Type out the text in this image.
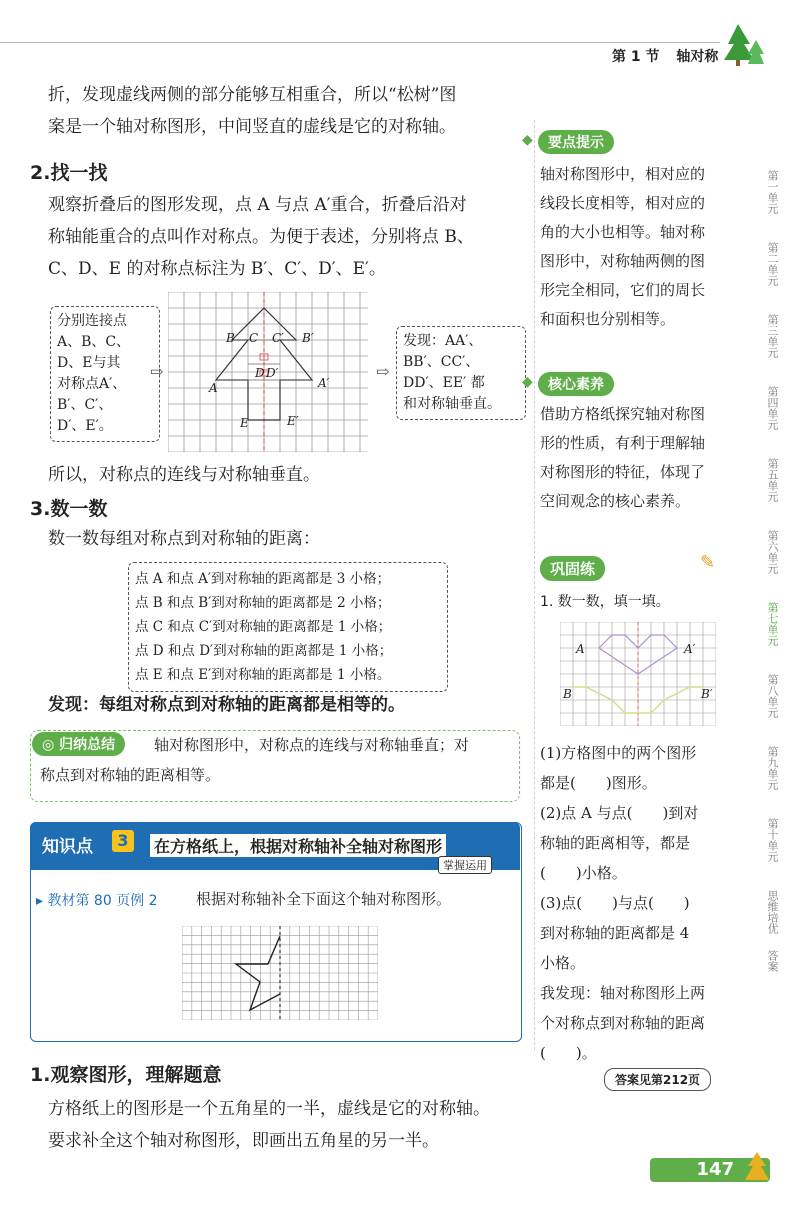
第 1 节 轴对称
折，发现虚线两侧的部分能够互相重合，所以“松树”图
案是一个轴对称图形，中间竖直的虚线是它的对称轴。
2.找一找
观察折叠后的图形发现，点 A 与点 A′重合，折叠后沿对
称轴能重合的点叫作对称点。为便于表述，分别将点 B、
C、D、E 的对称点标注为 B′、C′、D′、E′。
分别连接点
A、B、C、
D、E与其
对称点A′、
B′、C′、
D′、E′。
⇨
A	A′
B	B′
C C′
D D′
E	E′
⇨
发现：AA′、
BB′、CC′、
DD′、EE′ 都
和对称轴垂直。
所以，对称点的连线与对称轴垂直。
3.数一数
数一数每组对称点到对称轴的距离：
点 A 和点 A′到对称轴的距离都是 3 小格；
点 B 和点 B′到对称轴的距离都是 2 小格；
点 C 和点 C′到对称轴的距离都是 1 小格；
点 D 和点 D′到对称轴的距离都是 1 小格；
点 E 和点 E′到对称轴的距离都是 1 小格。
发现：每组对称点到对称轴的距离都是相等的。
◎ 归纳总结	轴对称图形中，对称点的连线与对称轴垂直；对
称点到对称轴的距离相等。
知识点	3	在方格纸上，根据对称轴补全轴对称图形
掌握运用
▸ 教材第 80 页例 2	根据对称轴补全下面这个轴对称图形。
1.观察图形，理解题意
方格纸上的图形是一个五角星的一半，虚线是它的对称轴。
要求补全这个轴对称图形，即画出五角星的另一半。
◆	要点提示
轴对称图形中，相对应的
线段长度相等，相对应的
角的大小也相等。轴对称
图形中，对称轴两侧的图
形完全相同，它们的周长
和面积也分别相等。
◆	核心素养
借助方格纸探究轴对称图
形的性质，有利于理解轴
对称图形的特征，体现了
空间观念的核心素养。
巩固练	✎
1. 数一数，填一填。
A	A′
B	B′
(1)方格图中的两个图形
都是(　　)图形。
(2)点 A 与点(　　)到对
称轴的距离相等，都是
(　　)小格。
(3)点(　　)与点(　　)
到对称轴的距离都是 4
小格。
我发现：轴对称图形上两
个对称点到对称轴的距离
(　　)。
答案见第212页
第一单元
第二单元
第三单元
第四单元
第五单元
第六单元
第七单元
第八单元
第九单元
第十单元
思维培优
答案
147
